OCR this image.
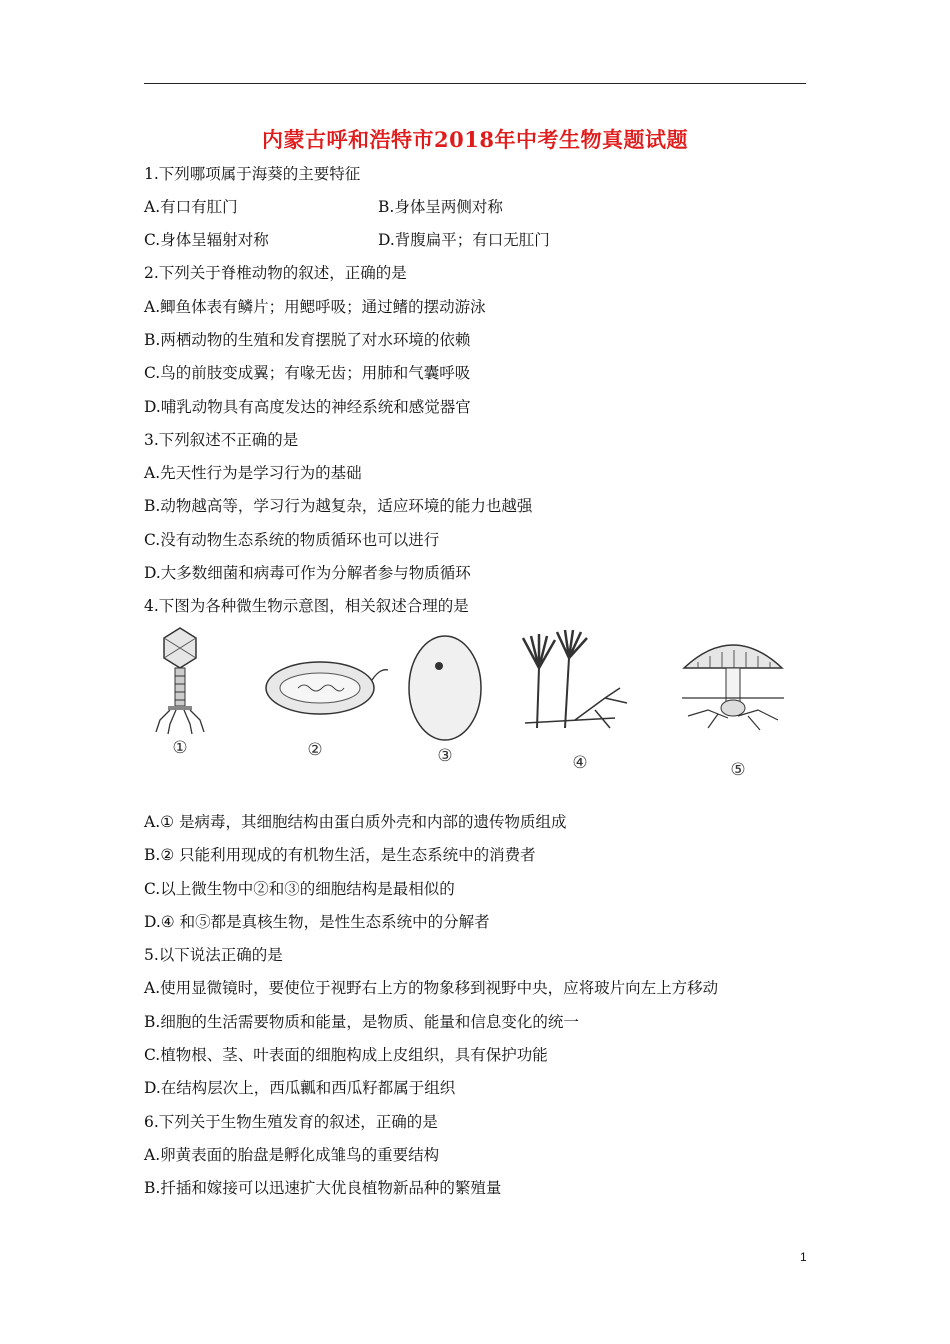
内蒙古呼和浩特市2018年中考生物真题试题
1.下列哪项属于海葵的主要特征
A.有口有肛门	B.身体呈两侧对称
C.身体呈辐射对称	D.背腹扁平；有口无肛门
2.下列关于脊椎动物的叙述，正确的是
A.鲫鱼体表有鳞片；用鳃呼吸；通过鳍的摆动游泳
B.两栖动物的生殖和发育摆脱了对水环境的依赖
C.鸟的前肢变成翼；有喙无齿；用肺和气囊呼吸
D.哺乳动物具有高度发达的神经系统和感觉器官
3.下列叙述不正确的是
A.先天性行为是学习行为的基础
B.动物越高等，学习行为越复杂，适应环境的能力也越强
C.没有动物生态系统的物质循环也可以进行
D.大多数细菌和病毒可作为分解者参与物质循环
4.下图为各种微生物示意图，相关叙述合理的是
①	②	③	④	⑤
A.① 是病毒，其细胞结构由蛋白质外壳和内部的遗传物质组成
B.② 只能利用现成的有机物生活，是生态系统中的消费者
C.以上微生物中②和③的细胞结构是最相似的
D.④ 和⑤都是真核生物，是性生态系统中的分解者
5.以下说法正确的是
A.使用显微镜时，要使位于视野右上方的物象移到视野中央，应将玻片向左上方移动
B.细胞的生活需要物质和能量，是物质、能量和信息变化的统一
C.植物根、茎、叶表面的细胞构成上皮组织，具有保护功能
D.在结构层次上，西瓜瓤和西瓜籽都属于组织
6.下列关于生物生殖发育的叙述，正确的是
A.卵黄表面的胎盘是孵化成雏鸟的重要结构
B.扦插和嫁接可以迅速扩大优良植物新品种的繁殖量
1
